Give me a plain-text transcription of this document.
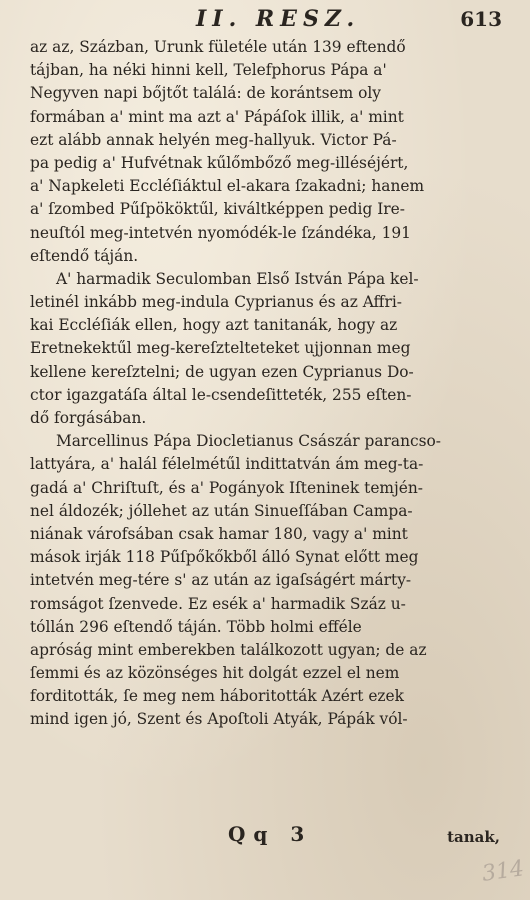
II. RESZ.	613
az az, Százban, Urunk fületéle után 139 eftendő
tájban, ha néki hinni kell, Telefphorus Pápa a'
Negyven napi bőjtőt találá: de korántsem oly
formában a' mint ma azt a' Pápáſok illik, a' mint
ezt alább annak helyén meg-hallyuk. Victor Pá-
pa pedig a' Hufvétnak kűlőmbőző meg-illéséjért,
a' Napkeleti Eccléſiáktul el-akara ſzakadni; hanem
a' ſzombed Pűſpököktűl, kiváltképpen pedig Ire-
neuſtól meg-intetvén nyomódék-le ſzándéka, 191
eſtendő táján.
A' harmadik Seculomban Első István Pápa kel-
letinél inkább meg-indula Cyprianus és az Affri-
kai Eccléſiák ellen, hogy azt tanitanák, hogy az
Eretnekektűl meg-kereſztelteteket ujjonnan meg
kellene kereſztelni; de ugyan ezen Cyprianus Do-
ctor igazgatáſa által le-csendeſitteték, 255 eſten-
dő forgásában.
Marcellinus Pápa Diocletianus Császár parancso-
lattyára, a' halál félelmétűl indittatván ám meg-ta-
gadá a' Chriſtuſt, és a' Pogányok Iſteninek temjén-
nel áldozék; jóllehet az után Sinueſſában Campa-
niának várofsában csak hamar 180, vagy a' mint
mások irják 118 Pűſpőkőkből álló Synat előtt meg
intetvén meg-tére s' az után az igaſságért márty-
romságot ſzenvede. Ez esék a' harmadik Száz u-
tóllán 296 eſtendő táján. Több holmi efféle
apróság mint emberekben találkozott ugyan; de az
ſemmi és az közönséges hit dolgát ezzel el nem
forditották, ſe meg nem háboritották Azért ezek
mind igen jó, Szent és Apoſtoli Atyák, Pápák vól-
Qq 3	tanak,
314
